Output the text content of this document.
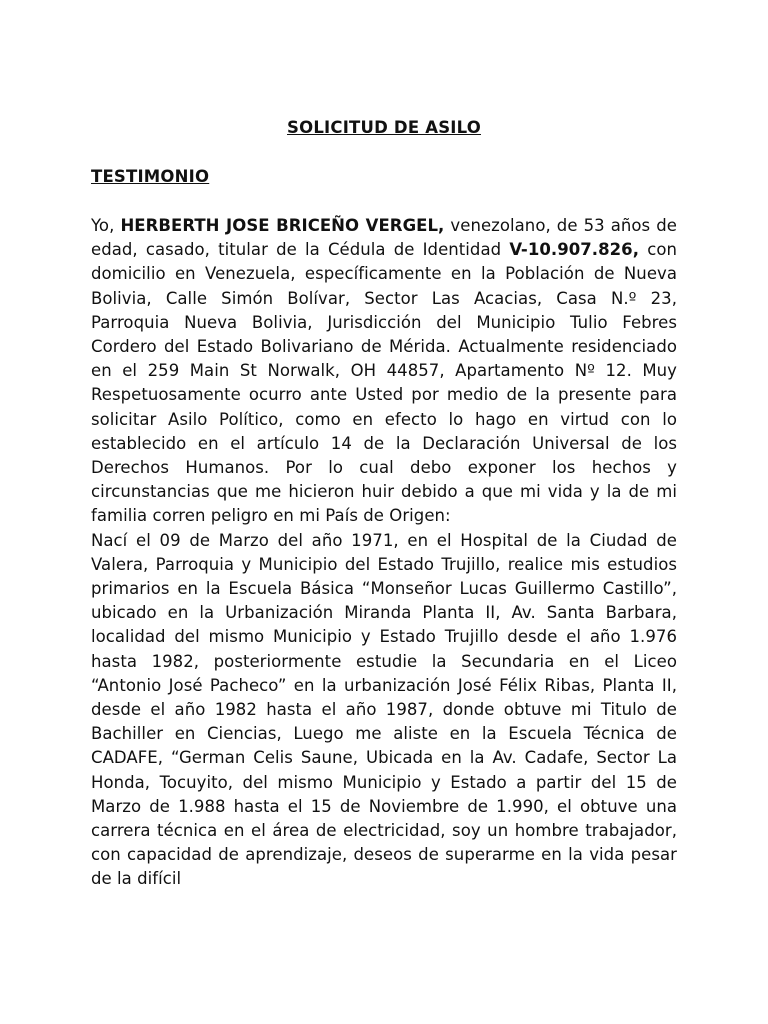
SOLICITUD DE ASILO
TESTIMONIO

Yo, HERBERTH JOSE BRICEÑO VERGEL, venezolano, de 53 años de edad, casado, titular de la Cédula de Identidad V-10.907.826, con domicilio en Venezuela, específicamente en la Población de Nueva Bolivia, Calle Simón Bolívar, Sector Las Acacias, Casa N.º 23, Parroquia Nueva Bolivia, Jurisdicción del Municipio Tulio Febres Cordero del Estado Bolivariano de Mérida. Actualmente residenciado en el 259 Main St Norwalk, OH 44857, Apartamento Nº 12. Muy Respetuosamente ocurro ante Usted por medio de la presente para solicitar Asilo Político, como en efecto lo hago en virtud con lo establecido en el artículo 14 de la Declaración Universal de los Derechos Humanos. Por lo cual debo exponer los hechos y circunstancias que me hicieron huir debido a que mi vida y la de mi familia corren peligro en mi País de Origen:

Nací el 09 de Marzo del año 1971, en el Hospital de la Ciudad de Valera, Parroquia y Municipio del Estado Trujillo, realice mis estudios primarios en la Escuela Básica “Monseñor Lucas Guillermo Castillo”, ubicado en la Urbanización Miranda Planta II, Av. Santa Barbara, localidad del mismo Municipio y Estado Trujillo desde el año 1.976 hasta 1982, posteriormente estudie la Secundaria en el Liceo “Antonio José Pacheco” en la urbanización José Félix Ribas, Planta II, desde el año 1982 hasta el año 1987, donde obtuve mi Titulo de Bachiller en Ciencias, Luego me aliste en la Escuela Técnica de CADAFE, “German Celis Saune, Ubicada en la Av. Cadafe, Sector La Honda, Tocuyito, del mismo Municipio y Estado a partir del 15 de Marzo de 1.988 hasta el 15 de Noviembre de 1.990, el obtuve una carrera técnica en el área de electricidad, soy un hombre trabajador, con capacidad de aprendizaje, deseos de superarme en la vida pesar de la difícil
